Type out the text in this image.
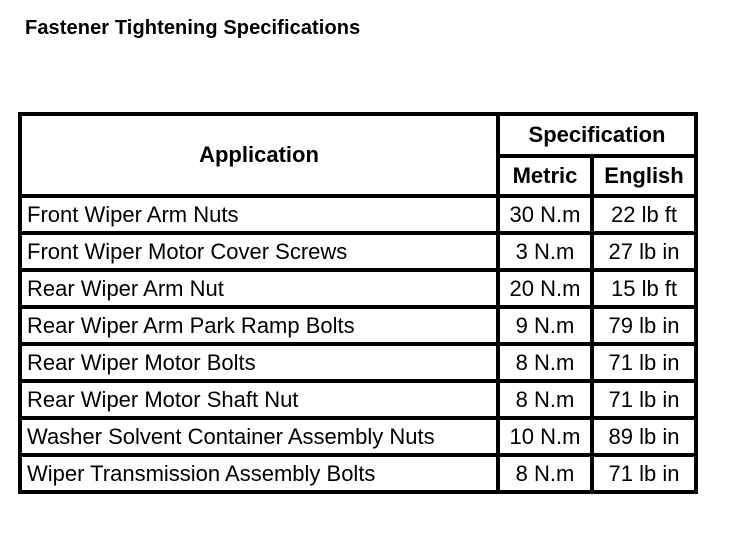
Fastener Tightening Specifications
Application	Specification	
	Metric	English
Front Wiper Arm Nuts	30 N.m	22 lb ft
Front Wiper Motor Cover Screws	3 N.m	27 lb in
Rear Wiper Arm Nut	20 N.m	15 lb ft
Rear Wiper Arm Park Ramp Bolts	9 N.m	79 lb in
Rear Wiper Motor Bolts	8 N.m	71 lb in
Rear Wiper Motor Shaft Nut	8 N.m	71 lb in
Washer Solvent Container Assembly Nuts	10 N.m	89 lb in
Wiper Transmission Assembly Bolts	8 N.m	71 lb in
